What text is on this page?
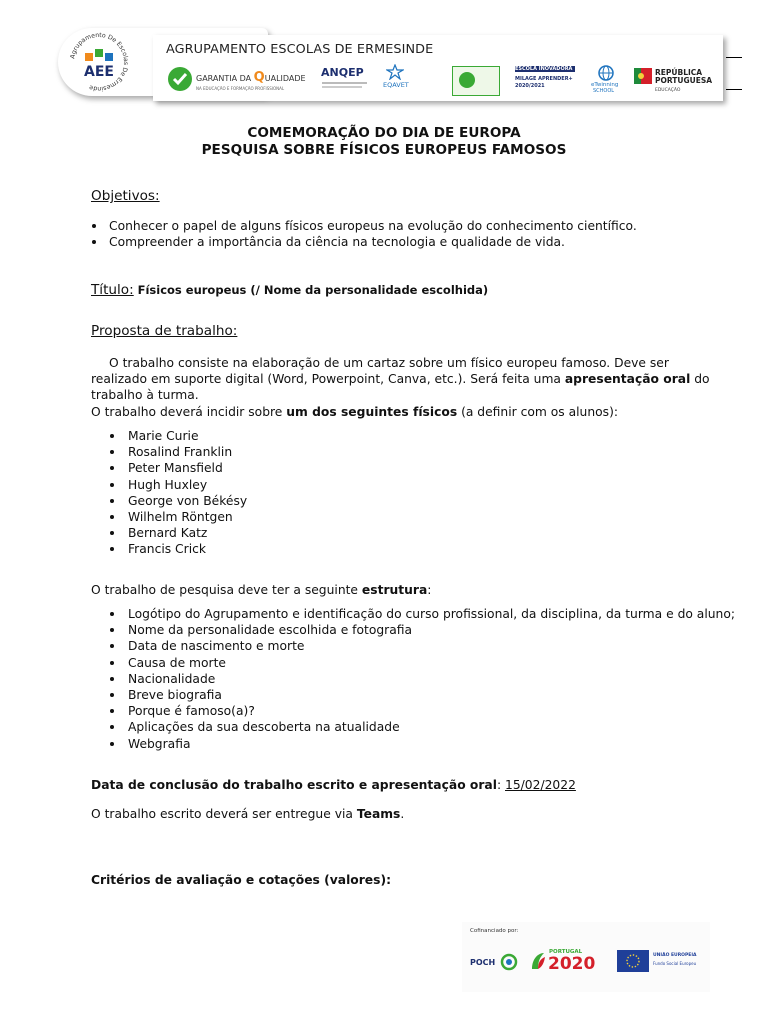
Agrupamento De Escolas De Ermesinde
AEE
AGRUPAMENTO ESCOLAS DE ERMESINDE
GARANTIA DA QUALIDADE
NA EDUCAÇÃO E FORMAÇÃO PROFISSIONAL
ANQEP
EQAVET
ESCOLA INOVADORA
MILAGE APRENDER+
2020/2021	eTwinning
SCHOOL
REPÚBLICA
PORTUGUESA
EDUCAÇÃO
COMEMORAÇÃO DO DIA DE EUROPA
PESQUISA SOBRE FÍSICOS EUROPEUS FAMOSOS
Objetivos:
Conhecer o papel de alguns físicos europeus na evolução do conhecimento científico.
Compreender a importância da ciência na tecnologia e qualidade de vida.
Título: Físicos europeus (/ Nome da personalidade escolhida)
Proposta de trabalho:
O trabalho consiste na elaboração de um cartaz sobre um físico europeu famoso. Deve ser realizado em suporte digital (Word, Powerpoint, Canva, etc.). Será feita uma apresentação oral do trabalho à turma.
O trabalho deverá incidir sobre um dos seguintes físicos (a definir com os alunos):
Marie Curie
Rosalind Franklin
Peter Mansfield
Hugh Huxley
George von Békésy
Wilhelm Röntgen
Bernard Katz
Francis Crick
O trabalho de pesquisa deve ter a seguinte estrutura:
Logótipo do Agrupamento e identificação do curso profissional, da disciplina, da turma e do aluno;
Nome da personalidade escolhida e fotografia
Data de nascimento e morte
Causa de morte
Nacionalidade
Breve biografia
Porque é famoso(a)?
Aplicações da sua descoberta na atualidade
Webgrafia
Data de conclusão do trabalho escrito e apresentação oral: 15/02/2022
O trabalho escrito deverá ser entregue via Teams.
Critérios de avaliação e cotações (valores):
Cofinanciado por:
POCH
PORTUGAL
2020	UNIÃO EUROPEIA
Fundo Social Europeu
